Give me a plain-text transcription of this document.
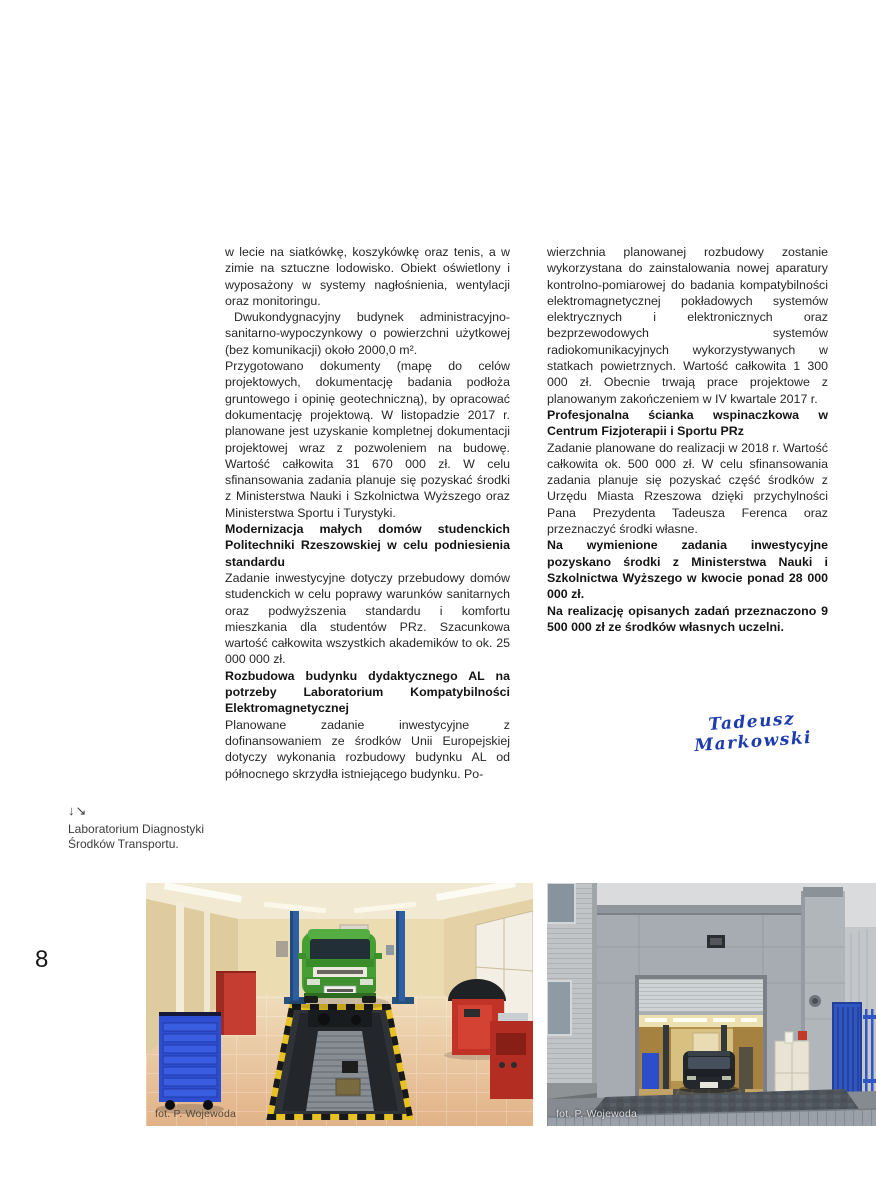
w lecie na siatkówkę, koszykówkę oraz tenis, a w zimie na sztuczne lodowisko. Obiekt oświetlony i wyposażony w systemy nagłośnienia, wentylacji oraz monitoringu.

Dwukondygnacyjny budynek administracyjno-sanitarno-wypoczynkowy o powierzchni użytkowej (bez komunikacji) około 2000,0 m².

Przygotowano dokumenty (mapę do celów projektowych, dokumentację badania podłoża gruntowego i opinię geotechniczną), by opracować dokumentację projektową. W listopadzie 2017 r. planowane jest uzyskanie kompletnej dokumentacji projektowej wraz z pozwoleniem na budowę. Wartość całkowita 31 670 000 zł. W celu sfinansowania zadania planuje się pozyskać środki z Ministerstwa Nauki i Szkolnictwa Wyższego oraz Ministerstwa Sportu i Turystyki.

Modernizacja małych domów studenckich Politechniki Rzeszowskiej w celu podniesienia standardu

Zadanie inwestycyjne dotyczy przebudowy domów studenckich w celu poprawy warunków sanitarnych oraz podwyższenia standardu i komfortu mieszkania dla studentów PRz. Szacunkowa wartość całkowita wszystkich akademików to ok. 25 000 000 zł.

Rozbudowa budynku dydaktycznego AL na potrzeby Laboratorium Kompatybilności Elektromagnetycznej

Planowane zadanie inwestycyjne z dofinansowaniem ze środków Unii Europejskiej dotyczy wykonania rozbudowy budynku AL od północnego skrzydła istniejącego budynku. Po-

wierzchnia planowanej rozbudowy zostanie wykorzystana do zainstalowania nowej aparatury kontrolno-pomiarowej do badania kompatybilności elektromagnetycznej pokładowych systemów elektrycznych i elektronicznych oraz bezprzewodowych systemów radiokomunikacyjnych wykorzystywanych w statkach powietrznych. Wartość całkowita 1 300 000 zł. Obecnie trwają prace projektowe z planowanym zakończeniem w IV kwartale 2017 r.

Profesjonalna ścianka wspinaczkowa w Centrum Fizjoterapii i Sportu PRz

Zadanie planowane do realizacji w 2018 r. Wartość całkowita ok. 500 000 zł. W celu sfinansowania zadania planuje się pozyskać część środków z Urzędu Miasta Rzeszowa dzięki przychylności Pana Prezydenta Tadeusza Ferenca oraz przeznaczyć środki własne.

Na wymienione zadania inwestycyjne pozyskano środki z Ministerstwa Nauki i Szkolnictwa Wyższego w kwocie ponad 28 000 000 zł.

Na realizację opisanych zadań przeznaczono 9 500 000 zł ze środków własnych uczelni.

Tadeusz Markowski
↓↘
Laboratorium Diagnostyki
Środków Transportu.
8
fot. P. Wojewoda	fot. P. Wojewoda
